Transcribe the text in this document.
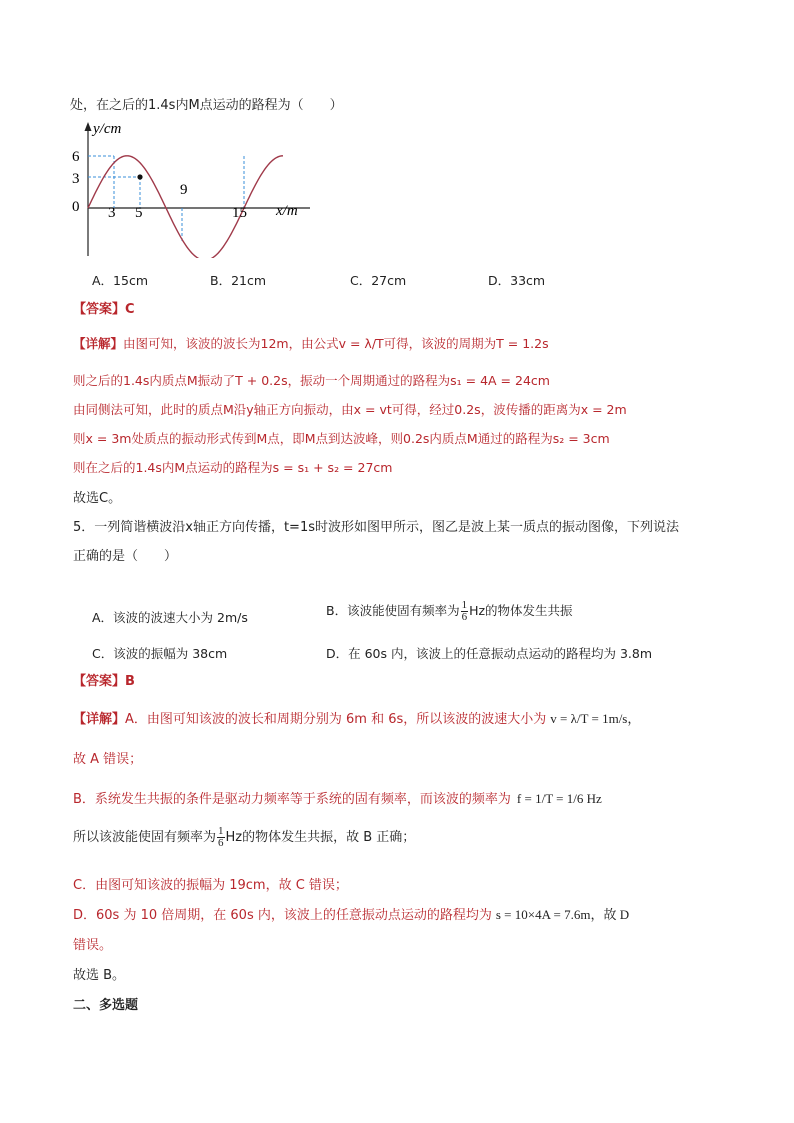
处，在之后的1.4s内M点运动的路程为（　　）
y/cm
x/m
0
6
3
3 5
9
15
A．15cm	B．21cm	C．27cm	D．33cm
【答案】C
【详解】由图可知，该波的波长为12m，由公式v = λ/T可得，该波的周期为T = 1.2s
则之后的1.4s内质点M振动了T + 0.2s，振动一个周期通过的路程为s₁ = 4A = 24cm
由同侧法可知，此时的质点M沿y轴正方向振动，由x = vt可得，经过0.2s，波传播的距离为x = 2m
则x = 3m处质点的振动形式传到M点，即M点到达波峰，则0.2s内质点M通过的路程为s₂ = 3cm
则在之后的1.4s内M点运动的路程为s = s₁ + s₂ = 27cm
故选C。
5．一列简谐横波沿x轴正方向传播，t=1s时波形如图甲所示，图乙是波上某一质点的振动图像，下列说法
正确的是（　　）
A．该波的波速大小为 2m/s	B．该波能使固有频率为 $\frac{1}{6}$ Hz的物体发生共振
C．该波的振幅为 38cm	D．在 60s 内，该波上的任意振动点运动的路程均为 3.8m
【答案】B
【详解】A．由图可知该波的波长和周期分别为 6m 和 6s，所以该波的波速大小为 v = λ/T = 1m/s，
故 A 错误；
B．系统发生共振的条件是驱动力频率等于系统的固有频率，而该波的频率为 f = 1/T = 1/6 Hz
所以该波能使固有频率为 $\frac{1}{6}$ Hz的物体发生共振，故 B 正确；
C．由图可知该波的振幅为 19cm，故 C 错误；
D．60s 为 10 倍周期，在 60s 内，该波上的任意振动点运动的路程均为 s = 10×4A = 7.6m，故 D
错误。
故选 B。
二、多选题
